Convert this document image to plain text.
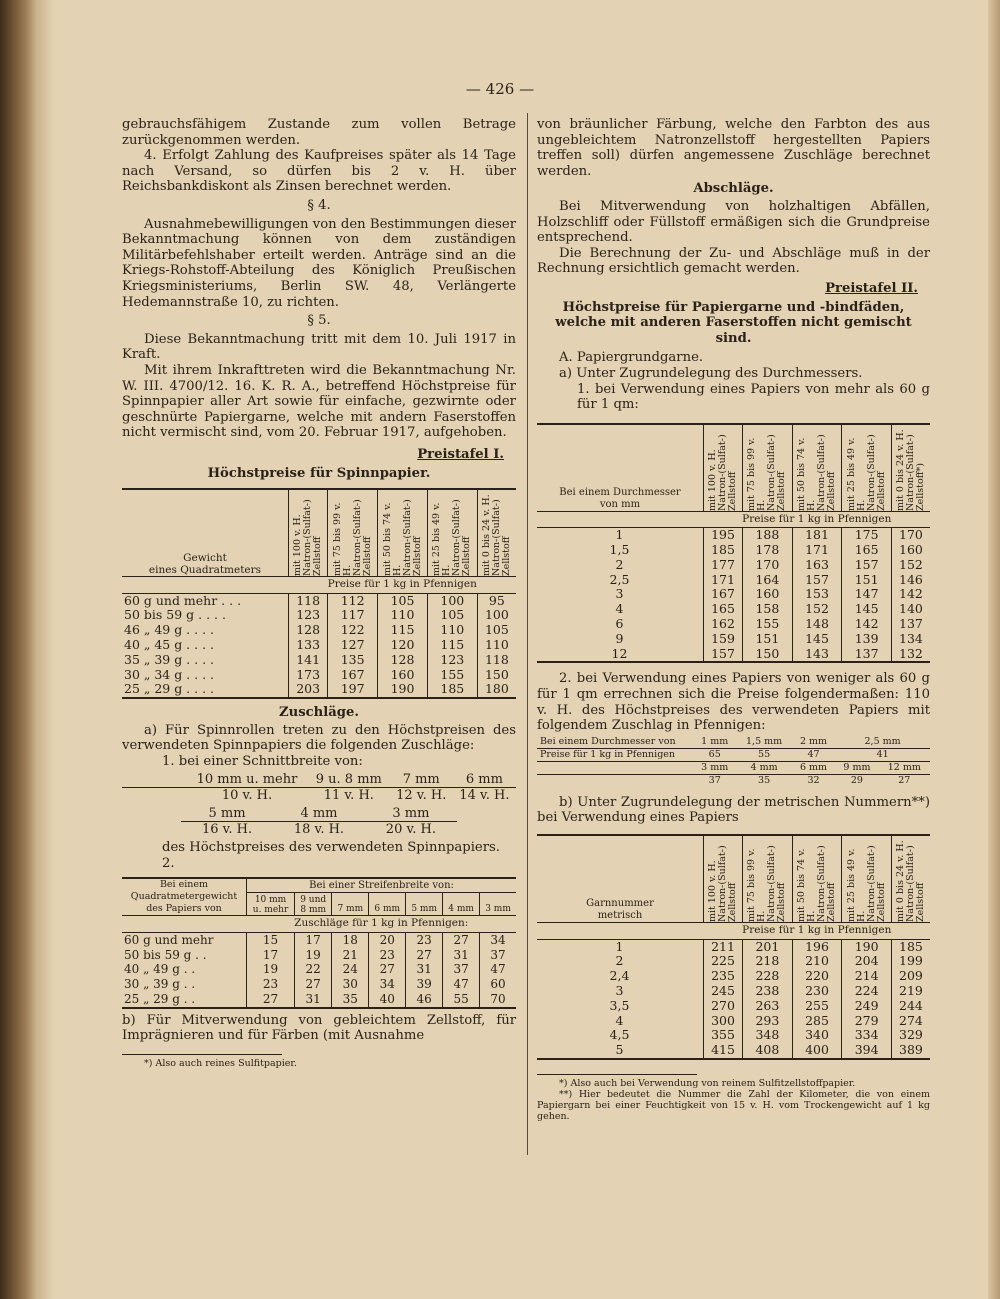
— 426 —

gebrauchsfähigem Zustande zum vollen Betrage zurückgenommen werden.

4. Erfolgt Zahlung des Kaufpreises später als 14 Tage nach Versand, so dürfen bis 2 v. H. über Reichsbankdiskont als Zinsen berechnet werden.

§ 4.

Ausnahmebewilligungen von den Bestimmungen dieser Bekanntmachung können von dem zuständigen Militärbefehlshaber erteilt werden. Anträge sind an die Kriegs-Rohstoff-Abteilung des Königlich Preußischen Kriegsministeriums, Berlin SW. 48, Verlängerte Hedemannstraße 10, zu richten.

§ 5.

Diese Bekanntmachung tritt mit dem 10. Juli 1917 in Kraft.

Mit ihrem Inkrafttreten wird die Bekanntmachung Nr. W. III. 4700/12. 16. K. R. A., betreffend Höchstpreise für Spinnpapier aller Art sowie für einfache, gezwirnte oder geschnürte Papiergarne, welche mit andern Faserstoffen nicht vermischt sind, vom 20. Februar 1917, aufgehoben.

Preistafel I.

Höchstpreise für Spinnpapier.

Gewicht
eines Quadratmeters	mit 100 v. H.
Natron-(Sulfat-)
Zellstoff	mit 75 bis 99 v. H.
Natron-(Sulfat-)
Zellstoff	mit 50 bis 74 v. H.
Natron-(Sulfat-)
Zellstoff	mit 25 bis 49 v. H.
Natron-(Sulfat-)
Zellstoff	mit 0 bis 24 v. H.
Natron-(Sulfat-)
Zellstoff

	Preise für 1 kg in Pfennigen				
60 g und mehr . . .	118	112	105	100	95
50 bis 59 g . . . .	123	117	110	105	100
46 „ 49 g . . . .	128	122	115	110	105
40 „ 45 g . . . .	133	127	120	115	110
35 „ 39 g . . . .	141	135	128	123	118
30 „ 34 g . . . .	173	167	160	155	150
25 „ 29 g . . . .	203	197	190	185	180

Zuschläge.

a) Für Spinnrollen treten zu den Höchstpreisen des verwendeten Spinnpapiers die folgenden Zuschläge:

1. bei einer Schnittbreite von:

	10 mm u. mehr	9 u. 8 mm	7 mm	6 mm
	10 v. H.	11 v. H.	12 v. H.	14 v. H.
5 mm	4 mm	3 mm
16 v. H.	18 v. H.	20 v. H.

des Höchstpreises des verwendeten Spinnpapiers.

2.

Bei einem
Quadratmetergewicht
des Papiers von	Bei einer Streifenbreite von:						
	10 mm
u. mehr	9 und
8 mm	7 mm	6 mm	5 mm	4 mm	3 mm
	Zuschläge für 1 kg in Pfennigen:						
60 g und mehr	15	17	18	20	23	27	34
50 bis 59 g . .	17	19	21	23	27	31	37
40 „ 49 g . .	19	22	24	27	31	37	47
30 „ 39 g . .	23	27	30	34	39	47	60
25 „ 29 g . .	27	31	35	40	46	55	70

b) Für Mitverwendung von gebleichtem Zellstoff, für Imprägnieren und für Färben (mit Ausnahme

*) Also auch reines Sulfitpapier.

von bräunlicher Färbung, welche den Farbton des aus ungebleichtem Natronzellstoff hergestellten Papiers treffen soll) dürfen angemessene Zuschläge berechnet werden.

Abschläge.

Bei Mitverwendung von holzhaltigen Abfällen, Holzschliff oder Füllstoff ermäßigen sich die Grundpreise entsprechend.

Die Berechnung der Zu- und Abschläge muß in der Rechnung ersichtlich gemacht werden.

Preistafel II.

Höchstpreise für Papiergarne und -bindfäden, welche mit anderen Faserstoffen nicht gemischt sind.

A. Papiergrundgarne.

a) Unter Zugrundelegung des Durchmessers.

1. bei Verwendung eines Papiers von mehr als 60 g für 1 qm:

Bei einem Durchmesser
von mm	mit 100 v. H.
Natron-(Sulfat-)
Zellstoff	mit 75 bis 99 v. H.
Natron-(Sulfat-)
Zellstoff	mit 50 bis 74 v. H.
Natron-(Sulfat-)
Zellstoff	mit 25 bis 49 v. H.
Natron-(Sulfat-)
Zellstoff	mit 0 bis 24 v. H.
Natron-(Sulfat-)
Zellstoff*)

	Preise für 1 kg in Pfennigen				
1	195	188	181	175	170
1,5	185	178	171	165	160
2	177	170	163	157	152
2,5	171	164	157	151	146
3	167	160	153	147	142
4	165	158	152	145	140
6	162	155	148	142	137
9	159	151	145	139	134
12	157	150	143	137	132

2. bei Verwendung eines Papiers von weniger als 60 g für 1 qm errechnen sich die Preise folgendermaßen: 110 v. H. des Höchstpreises des verwendeten Papiers mit folgendem Zuschlag in Pfennigen:

Bei einem Durchmesser von	1 mm	1,5 mm	2 mm	2,5 mm	
Preise für 1 kg in Pfennigen	65	55	47	41	
	3 mm	4 mm	6 mm	9 mm	12 mm
	37	35	32	29	27

b) Unter Zugrundelegung der metrischen Nummern**) bei Verwendung eines Papiers

Garnnummer
metrisch	mit 100 v. H.
Natron-(Sulfat-)
Zellstoff	mit 75 bis 99 v. H.
Natron-(Sulfat-)
Zellstoff	mit 50 bis 74 v. H.
Natron-(Sulfat-)
Zellstoff	mit 25 bis 49 v. H.
Natron-(Sulfat-)
Zellstoff	mit 0 bis 24 v. H.
Natron-(Sulfat-)
Zellstoff

	Preise für 1 kg in Pfennigen				
1	211	201	196	190	185
2	225	218	210	204	199
2,4	235	228	220	214	209
3	245	238	230	224	219
3,5	270	263	255	249	244
4	300	293	285	279	274
4,5	355	348	340	334	329
5	415	408	400	394	389

*) Also auch bei Verwendung von reinem Sulfitzellstoffpapier.

**) Hier bedeutet die Nummer die Zahl der Kilometer, die von einem Papiergarn bei einer Feuchtigkeit von 15 v. H. vom Trockengewicht auf 1 kg gehen.
